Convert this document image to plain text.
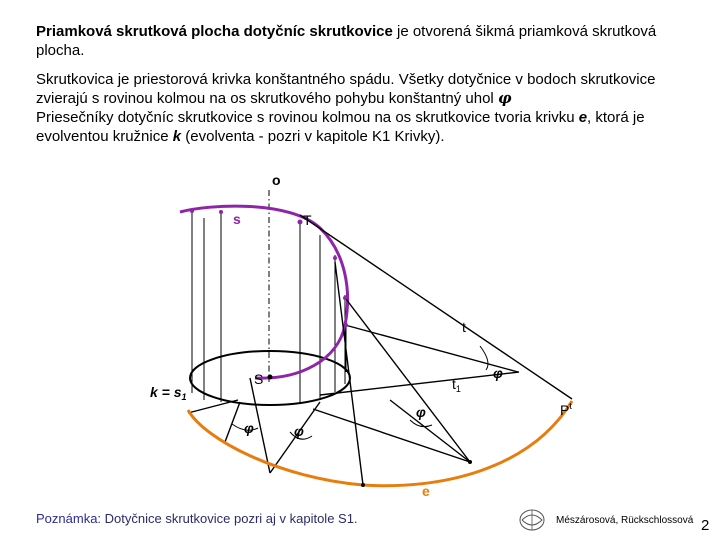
Priamková skrutková plocha dotyčníc skrutkovice je otvorená šikmá priamková skrutková plocha.
Skrutkovica je priestorová krivka konštantného spádu. Všetky dotyčnice v bodoch skrutkovice zvierajú s rovinou kolmou na os skrutkového pohybu konštantný uhol φ
Priesečníky dotyčníc skrutkovice s rovinou kolmou na os skrutkovice tvoria krivku e, ktorá je evolventou kružnice k (evolventa - pozri v kapitole K1 Krivky).
o
s	T
t
S	$t_1$
$k = s_1$
$P^t$
e
φ
φ	φ
φ
Poznámka: Dotyčnice skrutkovice pozri aj v kapitole S1.	Mészárosová, Rückschlossová 2
